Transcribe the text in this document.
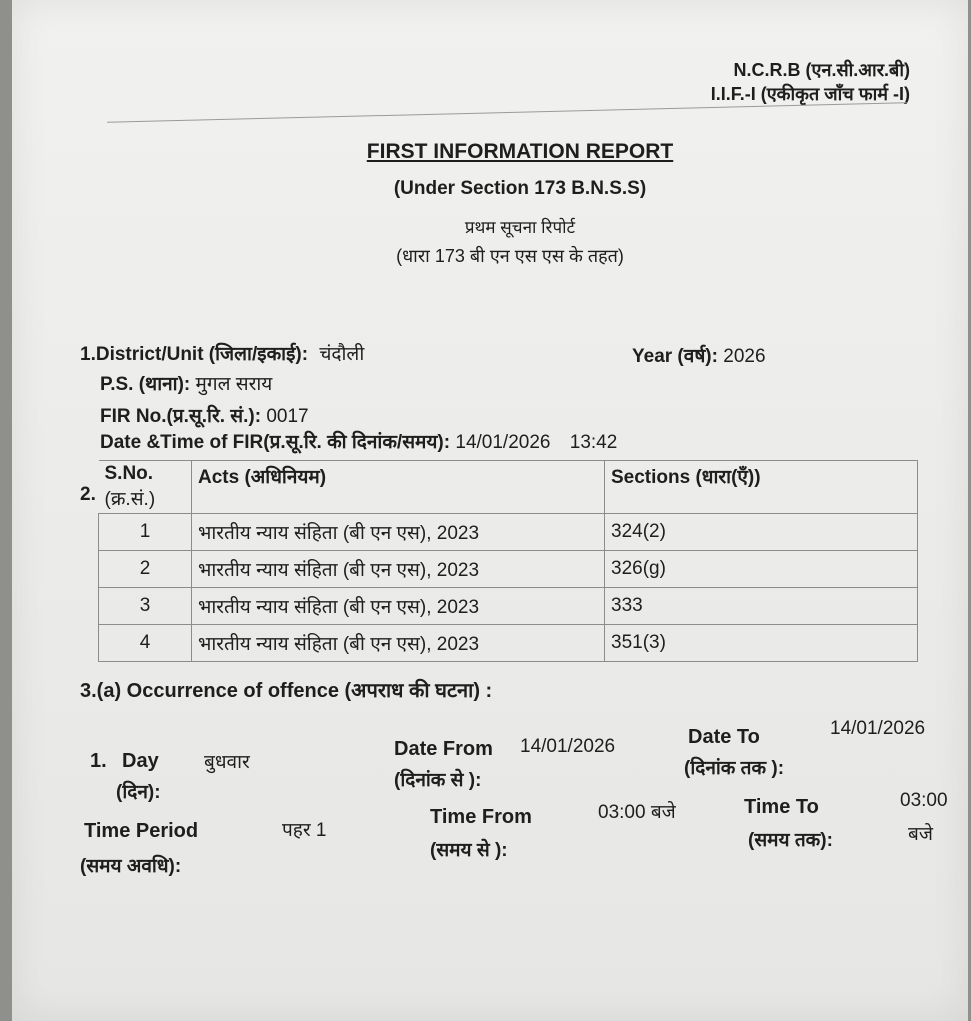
N.C.R.B (एन.सी.आर.बी)
I.I.F.-I (एकीकृत जाँच फार्म -I)
FIRST INFORMATION REPORT
(Under Section 173 B.N.S.S)
प्रथम सूचना रिपोर्ट
(धारा 173 बी एन एस एस के तहत)
1.District/Unit (जिला/इकाई): चंदौली	Year (वर्ष): 2026
P.S. (थाना): मुगल सराय
FIR No.(प्र.सू.रि. सं.): 0017
Date &Time of FIR(प्र.सू.रि. की दिनांक/समय): 14/01/2026 13:42
2.
S.No.
(क्र.सं.)	Acts (अधिनियम)	Sections (धारा(एँ))
1	भारतीय न्याय संहिता (बी एन एस), 2023	324(2)
2	भारतीय न्याय संहिता (बी एन एस), 2023	326(g)
3	भारतीय न्याय संहिता (बी एन एस), 2023	333
4	भारतीय न्याय संहिता (बी एन एस), 2023	351(3)
3.(a) Occurrence of offence (अपराध की घटना) :
1. Day
(दिन):
बुधवार
Date From
(दिनांक से ):
14/01/2026	Date To
(दिनांक तक ):
14/01/2026
Time Period
(समय अवधि):
पहर 1
Time From
(समय से ):
03:00 बजे	Time To
(समय तक):
03:00
बजे
